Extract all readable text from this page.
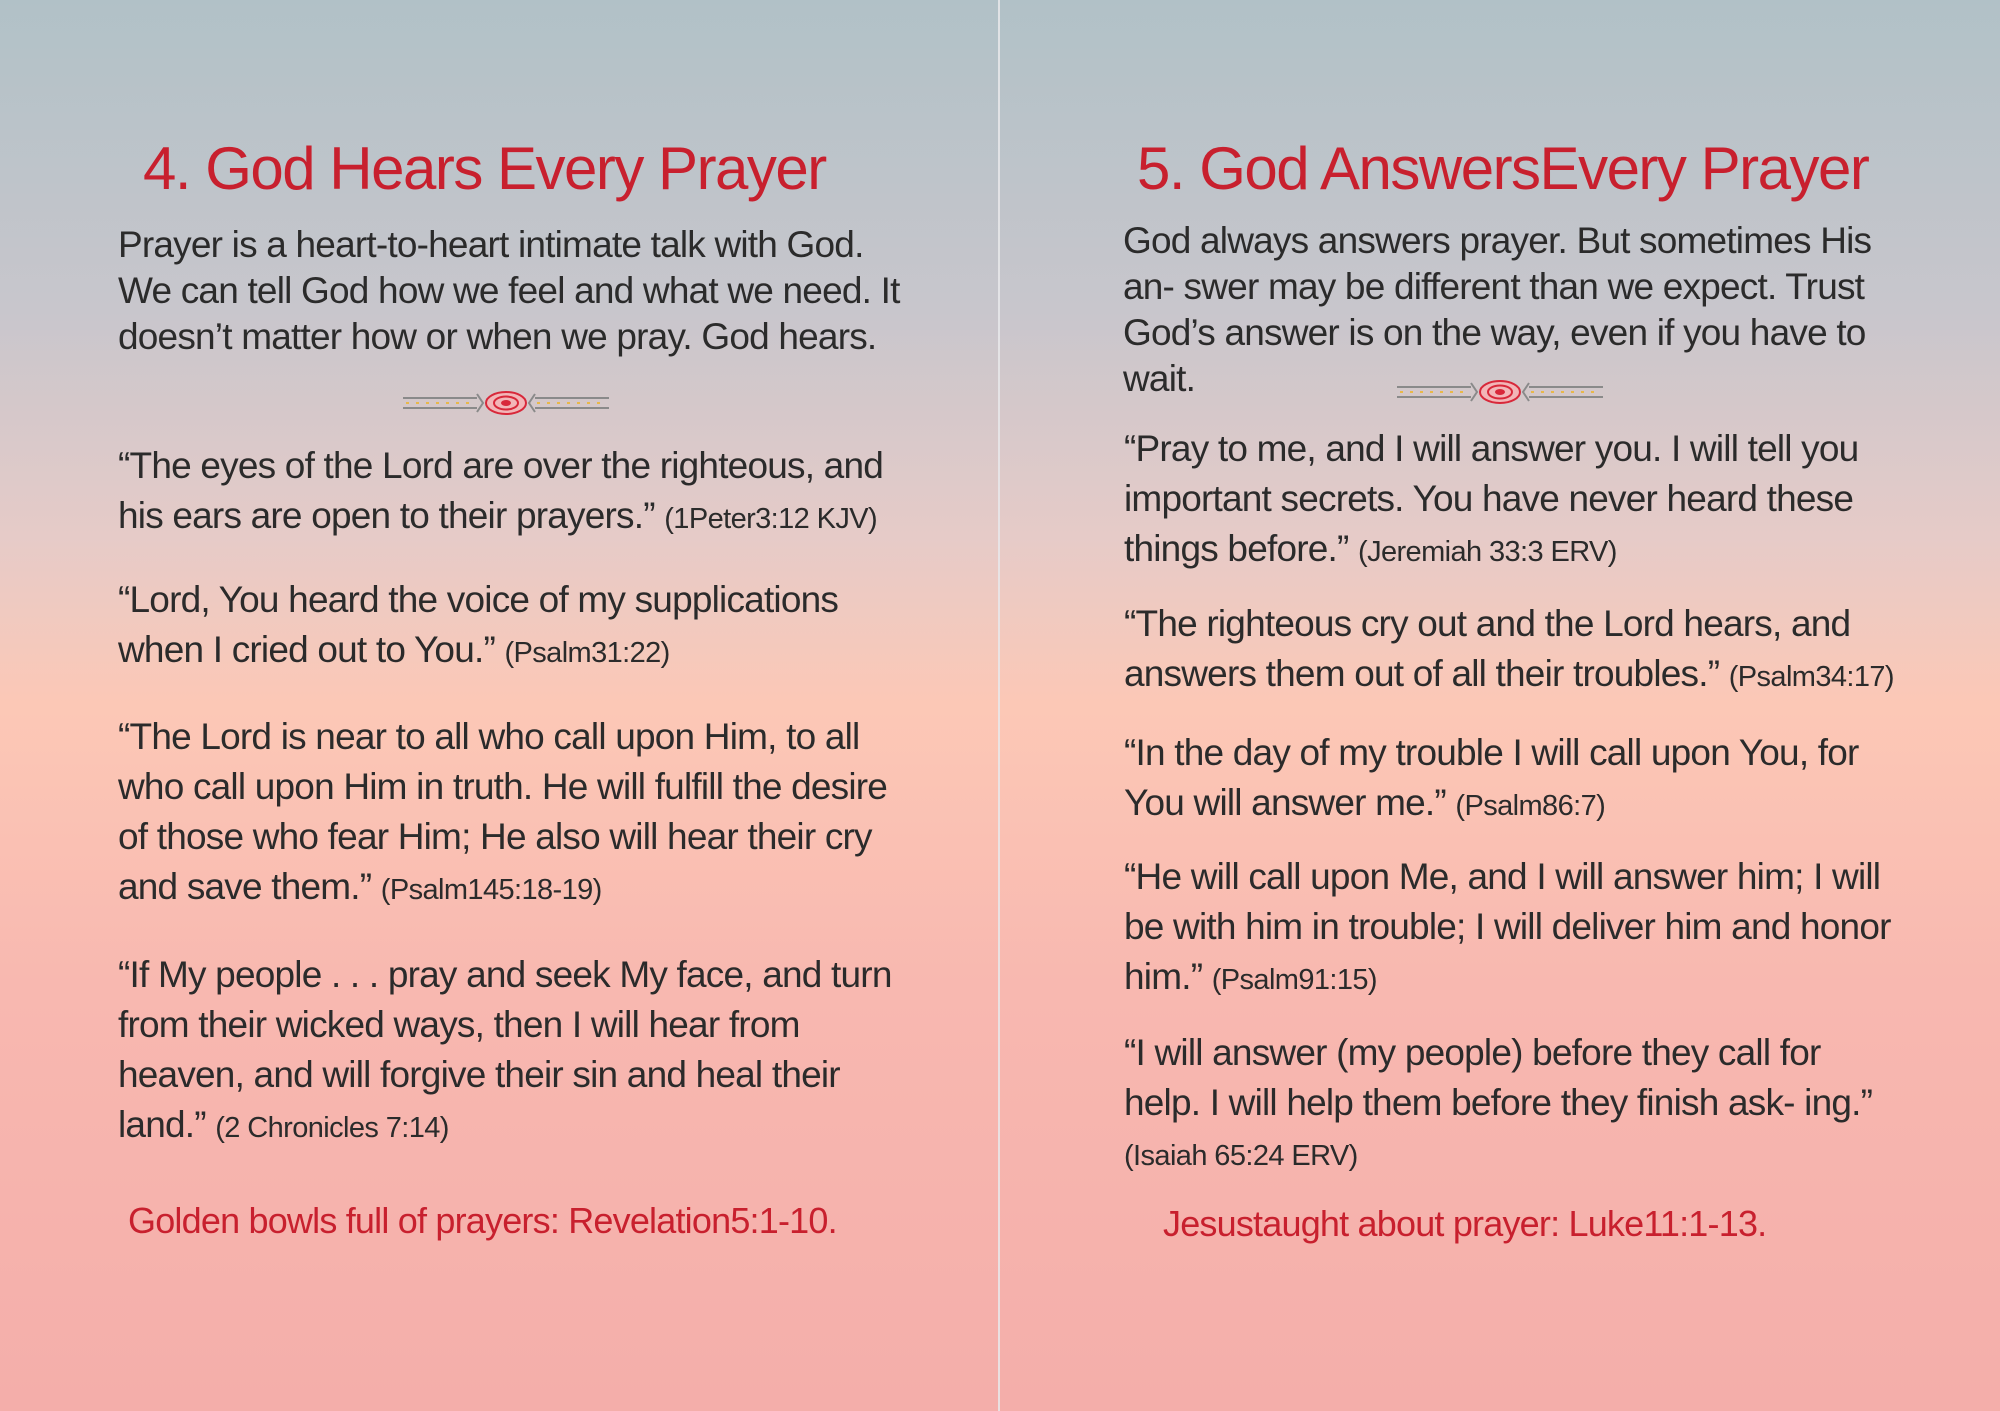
4. God Hears Every Prayer

Prayer is a heart-to-heart intimate talk with God. We can tell God how we feel and what we need. It doesn’t matter how or when we pray. God hears.

“The eyes of the Lord are over the righteous, and his ears are open to their prayers.” (1Peter3:12 KJV)

“Lord, You heard the voice of my supplications when I cried out to You.” (Psalm31:22)

“The Lord is near to all who call upon Him, to all who call upon Him in truth. He will fulfill the desire of those who fear Him; He also will hear their cry and save them.” (Psalm145:18-19)

“If My people . . . pray and seek My face, and turn from their wicked ways, then I will hear from heaven, and will forgive their sin and heal their land.” (2 Chronicles 7:14)

Golden bowls full of prayers: Revelation5:1-10.

5. God AnswersEvery Prayer

God always answers prayer. But sometimes His an- swer may be different than we expect. Trust God’s answer is on the way, even if you have to wait.

“Pray to me, and I will answer you. I will tell you important secrets. You have never heard these things before.” (Jeremiah 33:3 ERV)

“The righteous cry out and the Lord hears, and answers them out of all their troubles.” (Psalm34:17)

“In the day of my trouble I will call upon You, for You will answer me.” (Psalm86:7)

“He will call upon Me, and I will answer him; I will be with him in trouble; I will deliver him and honor him.” (Psalm91:15)

“I will answer (my people) before they call for help. I will help them before they finish ask- ing.” (Isaiah 65:24 ERV)

Jesustaught about prayer: Luke11:1-13.
